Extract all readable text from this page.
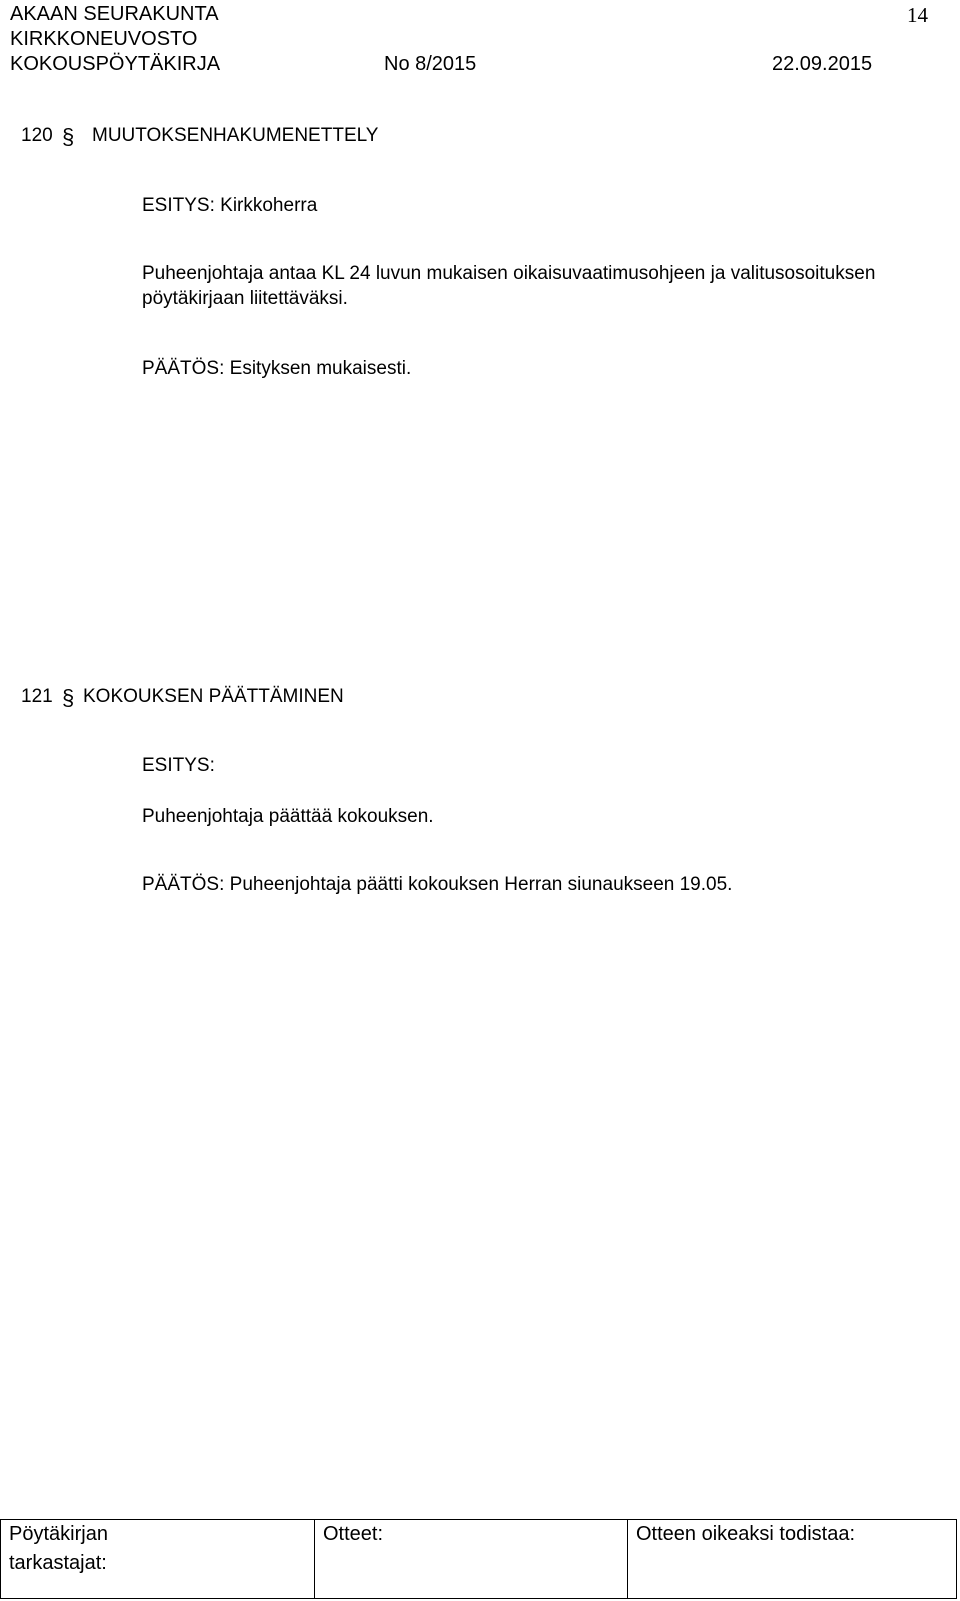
AKAAN SEURAKUNTA	14
KIRKKONEUVOSTO
KOKOUSPÖYTÄKIRJA	No 8/2015	22.09.2015
120 § MUUTOKSENHAKUMENETTELY
ESITYS: Kirkkoherra
Puheenjohtaja antaa KL 24 luvun mukaisen oikaisuvaatimusohjeen ja valitusosoituksen
pöytäkirjaan liitettäväksi.
PÄÄTÖS: Esityksen mukaisesti.
121 § KOKOUKSEN PÄÄTTÄMINEN
ESITYS:
Puheenjohtaja päättää kokouksen.
PÄÄTÖS: Puheenjohtaja päätti kokouksen Herran siunaukseen 19.05.
Pöytäkirjan
tarkastajat:

Otteet:	Otteen oikeaksi todistaa:
